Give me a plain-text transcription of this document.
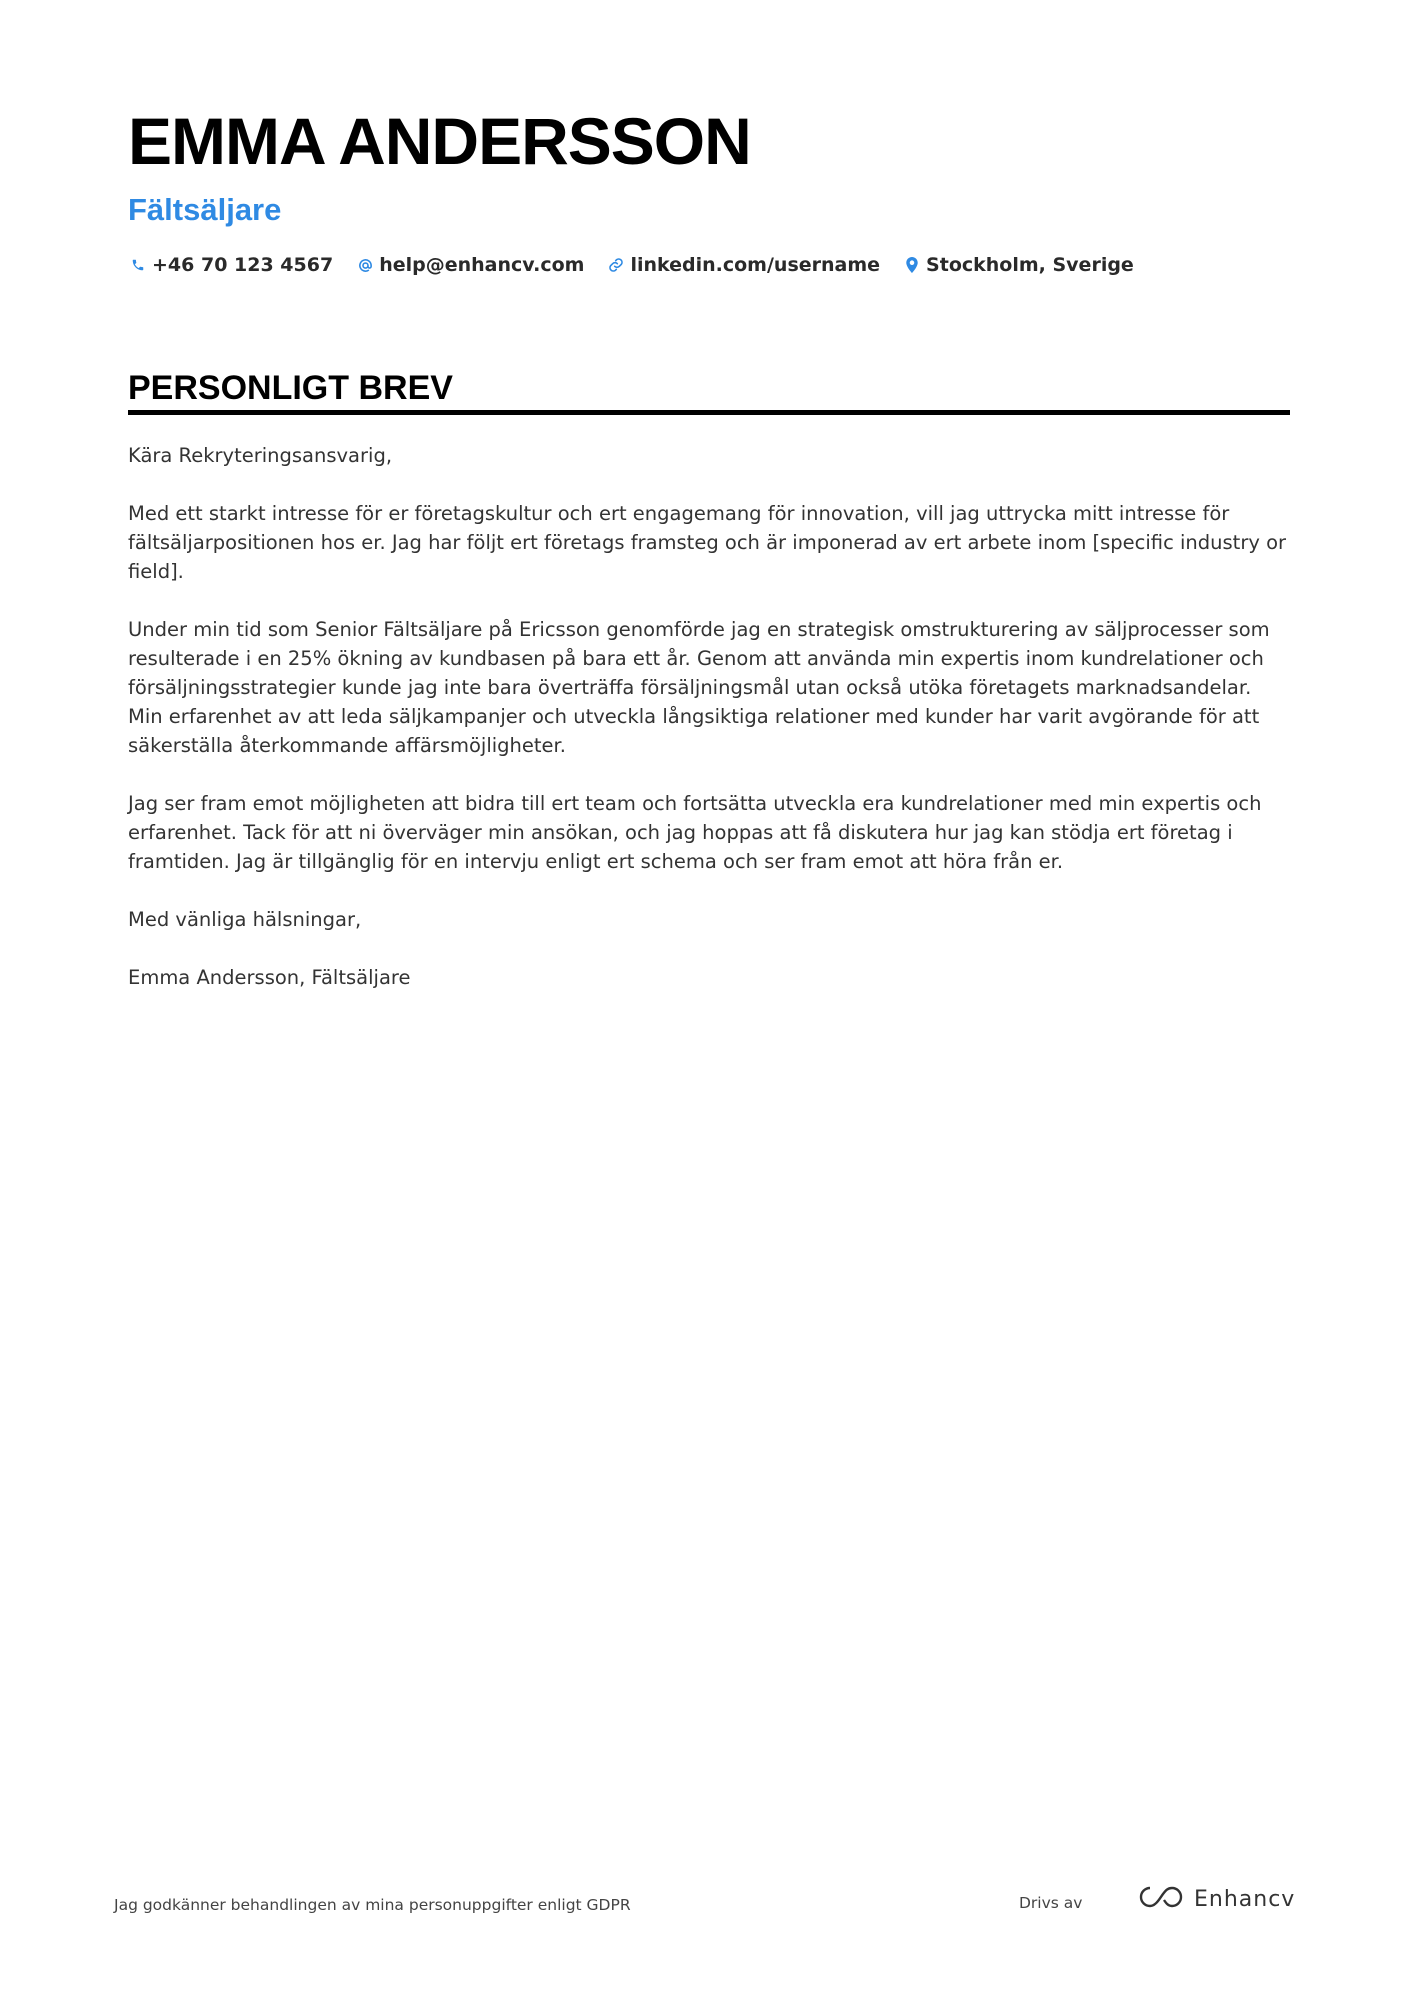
EMMA ANDERSSON
Fältsäljare
+46 70 123 4567 help@enhancv.com linkedin.com/username Stockholm, Sverige
PERSONLIGT BREV

Kära Rekryteringsansvarig,

Med ett starkt intresse för er företagskultur och ert engagemang för innovation, vill jag uttrycka mitt intresse för fältsäljarpositionen hos er. Jag har följt ert företags framsteg och är imponerad av ert arbete inom [specific industry or field].

Under min tid som Senior Fältsäljare på Ericsson genomförde jag en strategisk omstrukturering av säljprocesser som resulterade i en 25% ökning av kundbasen på bara ett år. Genom att använda min expertis inom kundrelationer och försäljningsstrategier kunde jag inte bara överträffa försäljningsmål utan också utöka företagets marknadsandelar. Min erfarenhet av att leda säljkampanjer och utveckla långsiktiga relationer med kunder har varit avgörande för att säkerställa återkommande affärsmöjligheter.

Jag ser fram emot möjligheten att bidra till ert team och fortsätta utveckla era kundrelationer med min expertis och erfarenhet. Tack för att ni överväger min ansökan, och jag hoppas att få diskutera hur jag kan stödja ert företag i framtiden. Jag är tillgänglig för en intervju enligt ert schema och ser fram emot att höra från er.

Med vänliga hälsningar,

Emma Andersson, Fältsäljare

Jag godkänner behandlingen av mina personuppgifter enligt GDPR	Drivs av	Enhancv
